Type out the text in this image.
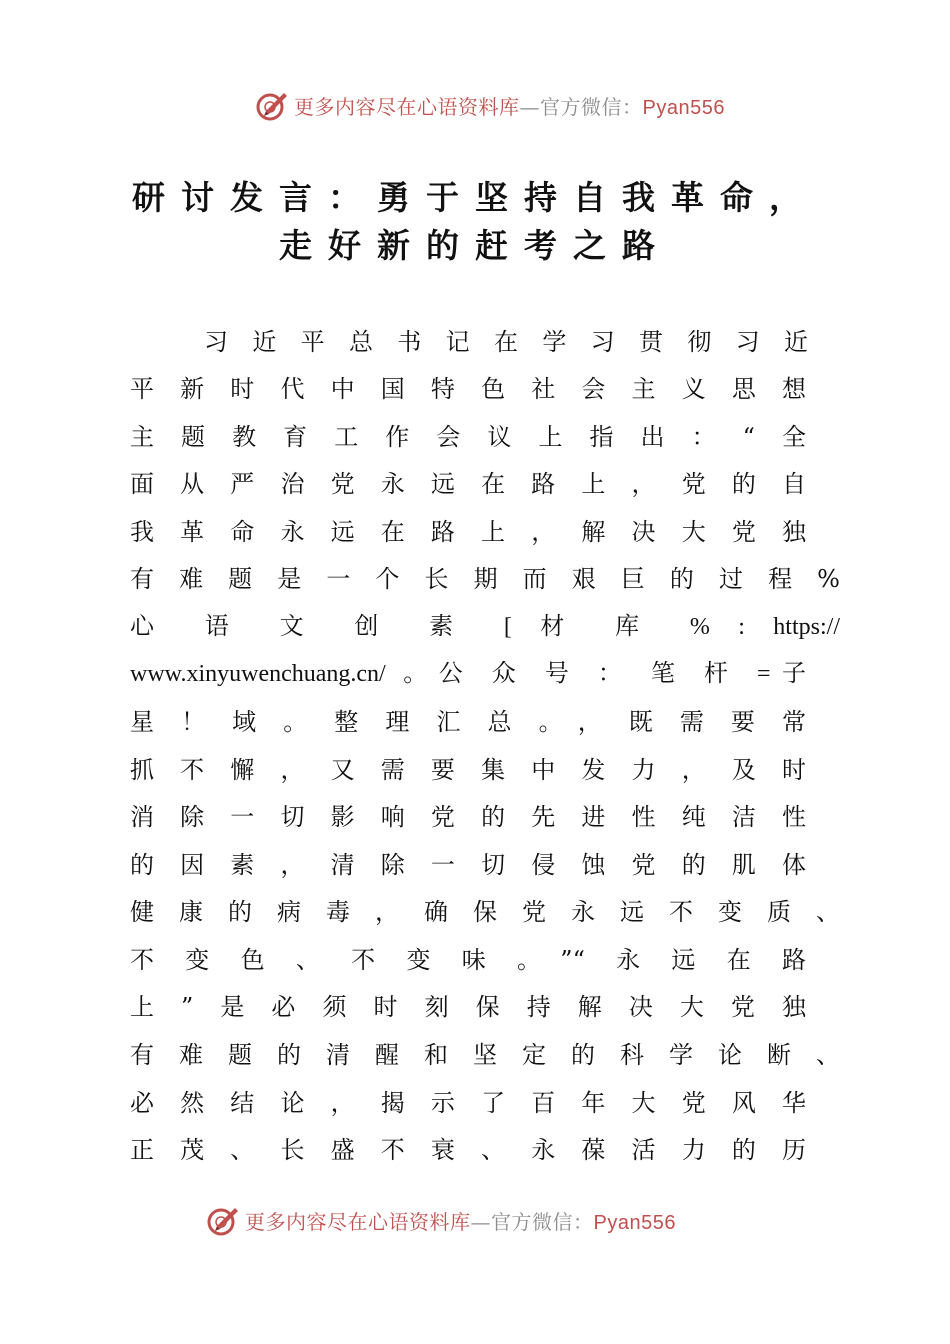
更多内容尽在心语资料库—官方微信：Pyan556
研讨发言：勇于坚持自我革命，
走好新的赶考之路
习近平总书记在学习贯彻习近
平新时代中国特色社会主义思想
主题教育工作会议上指出：“全
面从严治党永远在路上，党的自
我革命永远在路上，解决大党独
有难题是一个长期而艰巨的过程%
心 语 文 创 素 [ 材 库 % : https://
www.xinyuwenchuang.cn/ 。公 众 号 ： 笔 杆 =子
星！域。整理汇总。，既需要常
抓不懈，又需要集中发力，及时
消除一切影响党的先进性纯洁性
的因素，清除一切侵蚀党的肌体
健康的病毒，确保党永远不变质、
不变色、不变味。”“永远在路
上”是必须时刻保持解决大党独
有难题的清醒和坚定的科学论断、
必然结论，揭示了百年大党风华
正茂、长盛不衰、永葆活力的历
更多内容尽在心语资料库—官方微信：Pyan556
